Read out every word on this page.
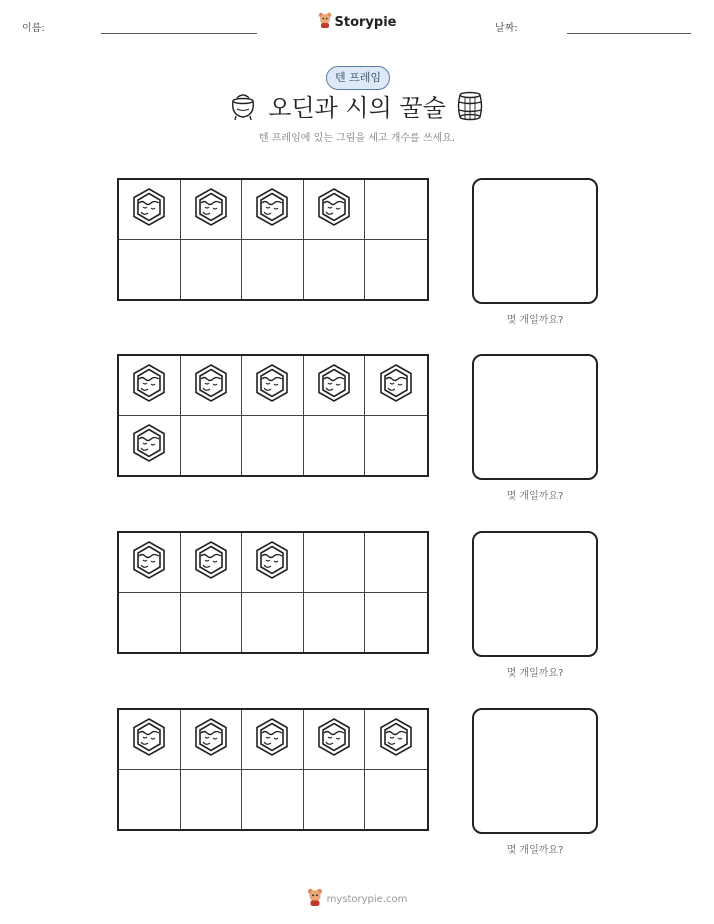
이름:	Storypie	날짜:
텐 프레임
오딘과 시의 꿀술
텐 프레임에 있는 그림을 세고 개수를 쓰세요.
몇 개일까요?
몇 개일까요?
몇 개일까요?
몇 개일까요?
mystorypie.com
